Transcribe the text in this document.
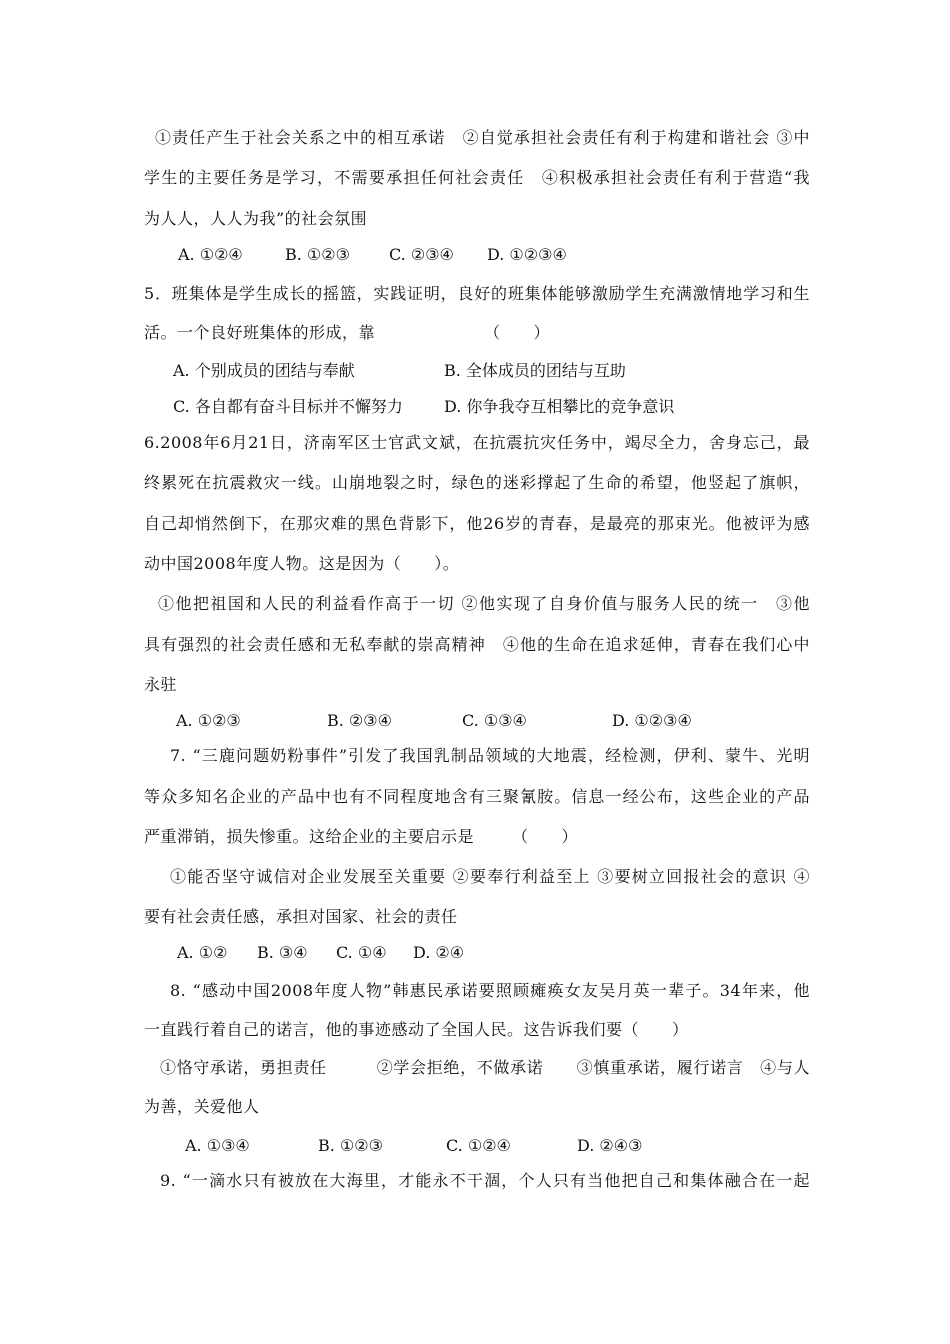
①责任产生于社会关系之中的相互承诺　②自觉承担社会责任有利于构建和谐社会 ③中
学生的主要任务是学习，不需要承担任何社会责任　④积极承担社会责任有利于营造“我
为人人，人人为我”的社会氛围
A. ①②④	B. ①②③ C. ②③④ D. ①②③④
5．班集体是学生成长的摇篮，实践证明，良好的班集体能够激励学生充满激情地学习和生
活。一个良好班集体的形成，靠	（　　）
A. 个别成员的团结与奉献	B. 全体成员的团结与互助
C. 各自都有奋斗目标并不懈努力	D. 你争我夺互相攀比的竞争意识
6.2008年6月21日，济南军区士官武文斌，在抗震抗灾任务中，竭尽全力，舍身忘己，最
终累死在抗震救灾一线。山崩地裂之时，绿色的迷彩撑起了生命的希望，他竖起了旗帜，
自己却悄然倒下，在那灾难的黑色背影下，他26岁的青春，是最亮的那束光。他被评为感
动中国2008年度人物。这是因为（　　）。
①他把祖国和人民的利益看作高于一切 ②他实现了自身价值与服务人民的统一　③他
具有强烈的社会责任感和无私奉献的崇高精神　④他的生命在追求延伸，青春在我们心中
永驻
A. ①②③	B. ②③④	C. ①③④	D. ①②③④
7. “三鹿问题奶粉事件”引发了我国乳制品领域的大地震，经检测，伊利、蒙牛、光明
等众多知名企业的产品中也有不同程度地含有三聚氰胺。信息一经公布，这些企业的产品
严重滞销，损失惨重。这给企业的主要启示是 （　　）
①能否坚守诚信对企业发展至关重要 ②要奉行利益至上 ③要树立回报社会的意识 ④
要有社会责任感，承担对国家、社会的责任
A. ①② B. ③④ C. ①④ D. ②④
8. “感动中国2008年度人物”韩惠民承诺要照顾瘫痪女友吴月英一辈子。34年来，他
一直践行着自己的诺言，他的事迹感动了全国人民。这告诉我们要（　　）
①恪守承诺，勇担责任　　　②学会拒绝，不做承诺　　③慎重承诺，履行诺言　④与人
为善，关爱他人
A. ①③④	B. ①②③	C. ①②④	D. ②④③
9. “一滴水只有被放在大海里，才能永不干涸，个人只有当他把自己和集体融合在一起
